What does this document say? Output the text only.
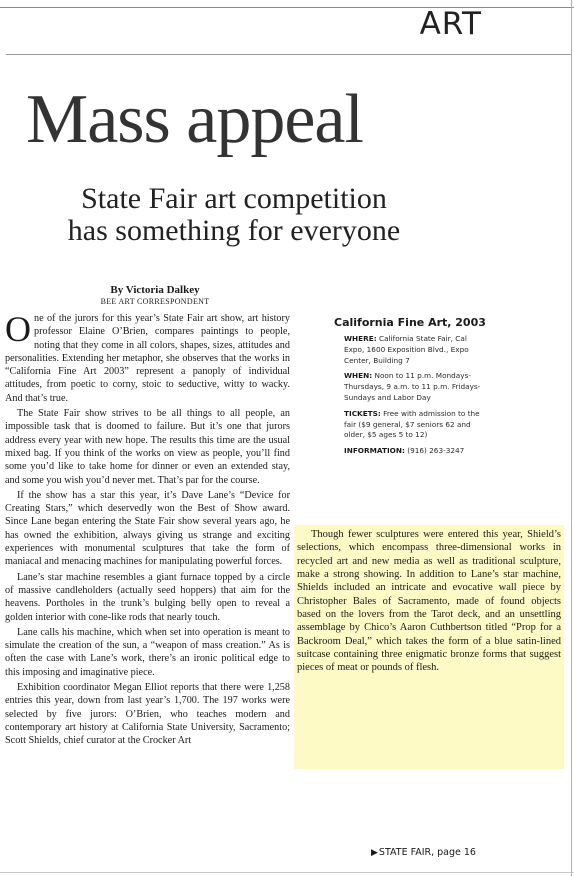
ART
Mass appeal
State Fair art competition
has something for everyone
By Victoria Dalkey
BEE ART CORRESPONDENT

One of the jurors for this year’s State Fair art show, art history professor Elaine O’Brien, compares paintings to people, noting that they come in all colors, shapes, sizes, attitudes and personalities. Extending her metaphor, she observes that the works in “California Fine Art 2003” represent a panoply of individual attitudes, from poetic to corny, stoic to seductive, witty to wacky. And that’s true.

The State Fair show strives to be all things to all people, an impossible task that is doomed to failure. But it’s one that jurors address every year with new hope. The results this time are the usual mixed bag. If you think of the works on view as people, you’ll find some you’d like to take home for dinner or even an extended stay, and some you wish you’d never met. That’s par for the course.

If the show has a star this year, it’s Dave Lane’s “Device for Creating Stars,” which deservedly won the Best of Show award. Since Lane began entering the State Fair show several years ago, he has owned the exhibition, always giving us strange and exciting experiences with monumental sculptures that take the form of maniacal and menacing machines for manipulating powerful forces.

Lane’s star machine resembles a giant furnace topped by a circle of massive candleholders (actually seed hoppers) that aim for the heavens. Portholes in the trunk’s bulging belly open to reveal a golden interior with cone-like rods that nearly touch.

Lane calls his machine, which when set into operation is meant to simulate the creation of the sun, a “weapon of mass creation.” As is often the case with Lane’s work, there’s an ironic political edge to this imposing and imaginative piece.

Exhibition coordinator Megan Elliot reports that there were 1,258 entries this year, down from last year’s 1,700. The 197 works were selected by five jurors: O’Brien, who teaches modern and contemporary art history at California State University, Sacramento; Scott Shields, chief curator at the Crocker Art

California Fine Art, 2003
WHERE: California State Fair, Cal Expo, 1600 Exposition Blvd., Expo Center, Building 7
WHEN: Noon to 11 p.m. Mondays-Thursdays, 9 a.m. to 11 p.m. Fridays-Sundays and Labor Day
TICKETS: Free with admission to the fair ($9 general, $7 seniors 62 and older, $5 ages 5 to 12)
INFORMATION: (916) 263-3247
Though fewer sculptures were entered this year, Shield’s selections, which encompass three-dimensional works in recycled art and new media as well as traditional sculpture, make a strong showing. In addition to Lane’s star machine, Shields included an intricate and evocative wall piece by Christopher Bales of Sacramento, made of found objects based on the lovers from the Tarot deck, and an unsettling assemblage by Chico’s Aaron Cuthbertson titled “Prop for a Backroom Deal,” which takes the form of a blue satin-lined suitcase containing three enigmatic bronze forms that suggest pieces of meat or pounds of flesh.
▶STATE FAIR, page 16
